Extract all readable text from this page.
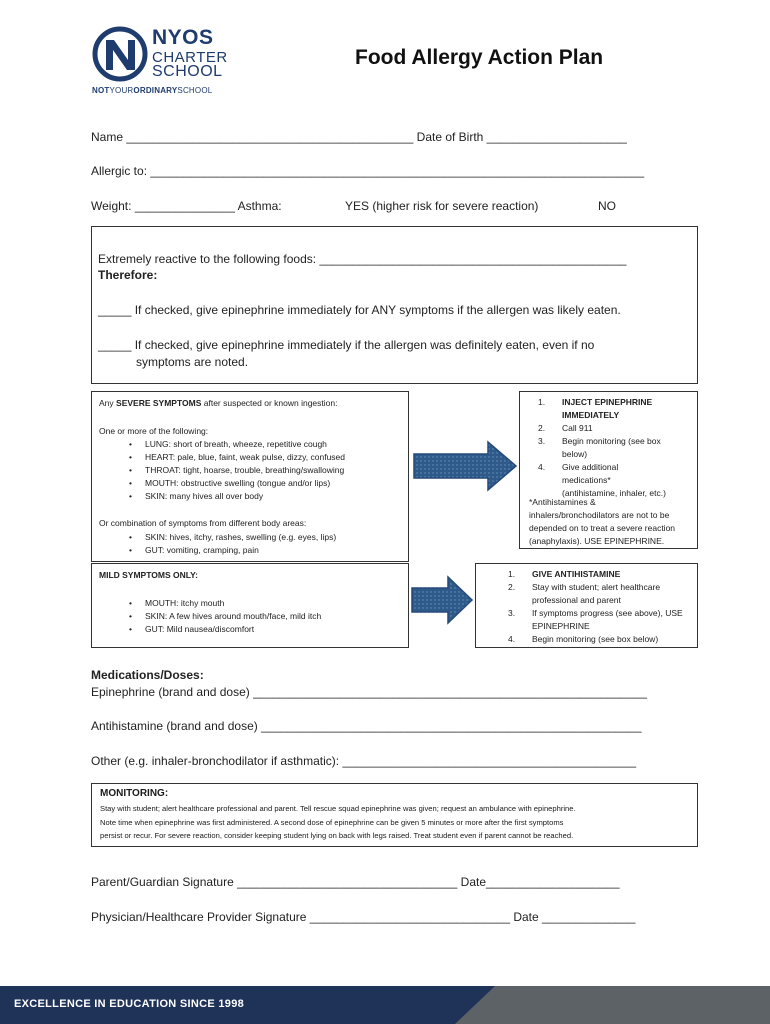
NYOS
CHARTER
SCHOOL
NOTYOURORDINARYSCHOOL
Food Allergy Action Plan
Name ___________________________________________ Date of Birth _____________________
Allergic to: __________________________________________________________________________
Weight: _______________ Asthma:	YES (higher risk for severe reaction)	NO
Extremely reactive to the following foods: ______________________________________________
Therefore:
_____ If checked, give epinephrine immediately for ANY symptoms if the allergen was likely eaten.
_____ If checked, give epinephrine immediately if the allergen was definitely eaten, even if no
symptoms are noted.
Any SEVERE SYMPTOMS after suspected or known ingestion:
One or more of the following:
• LUNG: short of breath, wheeze, repetitive cough
• HEART: pale, blue, faint, weak pulse, dizzy, confused
• THROAT: tight, hoarse, trouble, breathing/swallowing
• MOUTH: obstructive swelling (tongue and/or lips)
• SKIN: many hives all over body
Or combination of symptoms from different body areas:
• SKIN: hives, itchy, rashes, swelling (e.g. eyes, lips)
• GUT: vomiting, cramping, pain
1. INJECT EPINEPHRINE
IMMEDIATELY
2. Call 911
3. Begin monitoring (see box
below)
4. Give additional
medications*
(antihistamine, inhaler, etc.)
*Antihistamines &
inhalers/bronchodilators are not to be
depended on to treat a severe reaction
(anaphylaxis). USE EPINEPHRINE.
MILD SYMPTOMS ONLY:
• MOUTH: itchy mouth
• SKIN: A few hives around mouth/face, mild itch
• GUT: Mild nausea/discomfort
1. GIVE ANTIHISTAMINE
2. Stay with student; alert healthcare
professional and parent
3. If symptoms progress (see above), USE
EPINEPHRINE
4. Begin monitoring (see box below)
Medications/Doses:
Epinephrine (brand and dose) ___________________________________________________________
Antihistamine (brand and dose) _________________________________________________________
Other (e.g. inhaler-bronchodilator if asthmatic): ____________________________________________
MONITORING:
Stay with student; alert healthcare professional and parent. Tell rescue squad epinephrine was given; request an ambulance with epinephrine.
Note time when epinephrine was first administered. A second dose of epinephrine can be given 5 minutes or more after the first symptoms
persist or recur. For severe reaction, consider keeping student lying on back with legs raised. Treat student even if parent cannot be reached.
Parent/Guardian Signature _________________________________ Date____________________
Physician/Healthcare Provider Signature ______________________________ Date ______________
EXCELLENCE IN EDUCATION SINCE 1998
